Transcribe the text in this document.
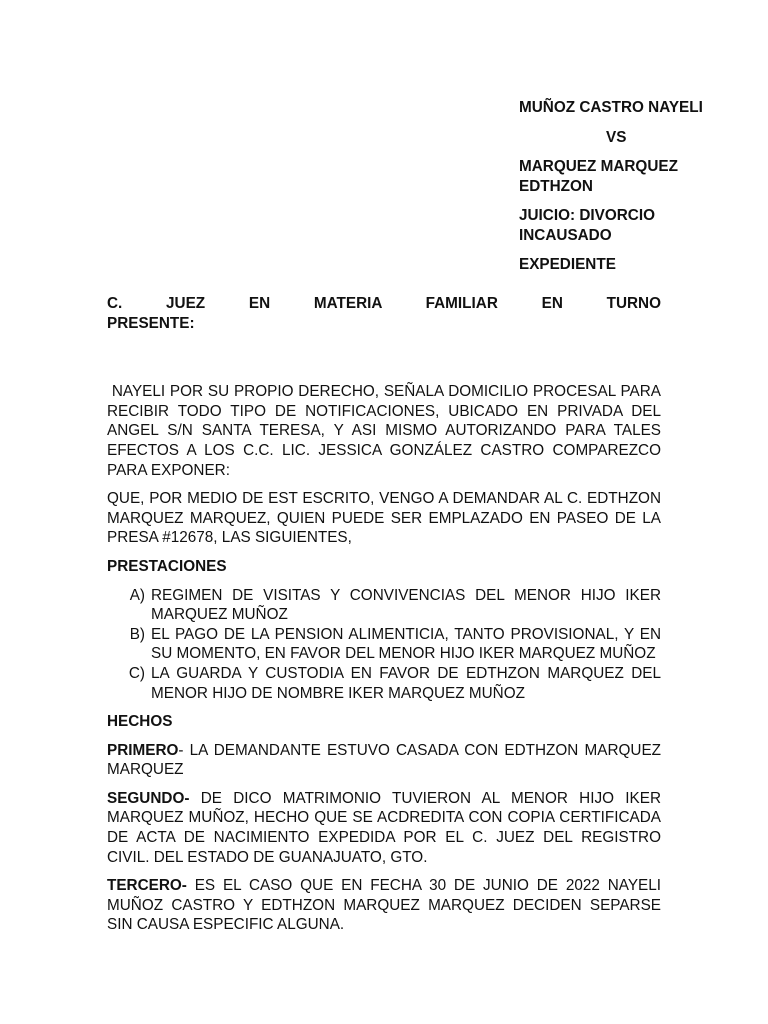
MUÑOZ CASTRO NAYELI

VS

MARQUEZ MARQUEZ EDTHZON

JUICIO: DIVORCIO INCAUSADO

EXPEDIENTE

C. JUEZ EN MATERIA FAMILIAR EN TURNO

PRESENTE:

NAYELI POR SU PROPIO DERECHO, SEÑALA DOMICILIO PROCESAL PARA RECIBIR TODO TIPO DE NOTIFICACIONES, UBICADO EN PRIVADA DEL ANGEL S/N SANTA TERESA, Y ASI MISMO AUTORIZANDO PARA TALES EFECTOS A LOS C.C. LIC. JESSICA GONZÁLEZ CASTRO COMPAREZCO PARA EXPONER:

QUE, POR MEDIO DE EST ESCRITO, VENGO A DEMANDAR AL C. EDTHZON MARQUEZ MARQUEZ, QUIEN PUEDE SER EMPLAZADO EN PASEO DE LA PRESA #12678, LAS SIGUIENTES,

PRESTACIONES

A) REGIMEN DE VISITAS Y CONVIVENCIAS DEL MENOR HIJO IKER MARQUEZ MUÑOZ
B) EL PAGO DE LA PENSION ALIMENTICIA, TANTO PROVISIONAL, Y EN SU MOMENTO, EN FAVOR DEL MENOR HIJO IKER MARQUEZ MUÑOZ
C) LA GUARDA Y CUSTODIA EN FAVOR DE EDTHZON MARQUEZ DEL MENOR HIJO DE NOMBRE IKER MARQUEZ MUÑOZ

HECHOS

PRIMERO- LA DEMANDANTE ESTUVO CASADA CON EDTHZON MARQUEZ MARQUEZ

SEGUNDO- DE DICO MATRIMONIO TUVIERON AL MENOR HIJO IKER MARQUEZ MUÑOZ, HECHO QUE SE ACDREDITA CON COPIA CERTIFICADA DE ACTA DE NACIMIENTO EXPEDIDA POR EL C. JUEZ DEL REGISTRO CIVIL. DEL ESTADO DE GUANAJUATO, GTO.

TERCERO- ES EL CASO QUE EN FECHA 30 DE JUNIO DE 2022 NAYELI MUÑOZ CASTRO Y EDTHZON MARQUEZ MARQUEZ DECIDEN SEPARSE SIN CAUSA ESPECIFIC ALGUNA.
